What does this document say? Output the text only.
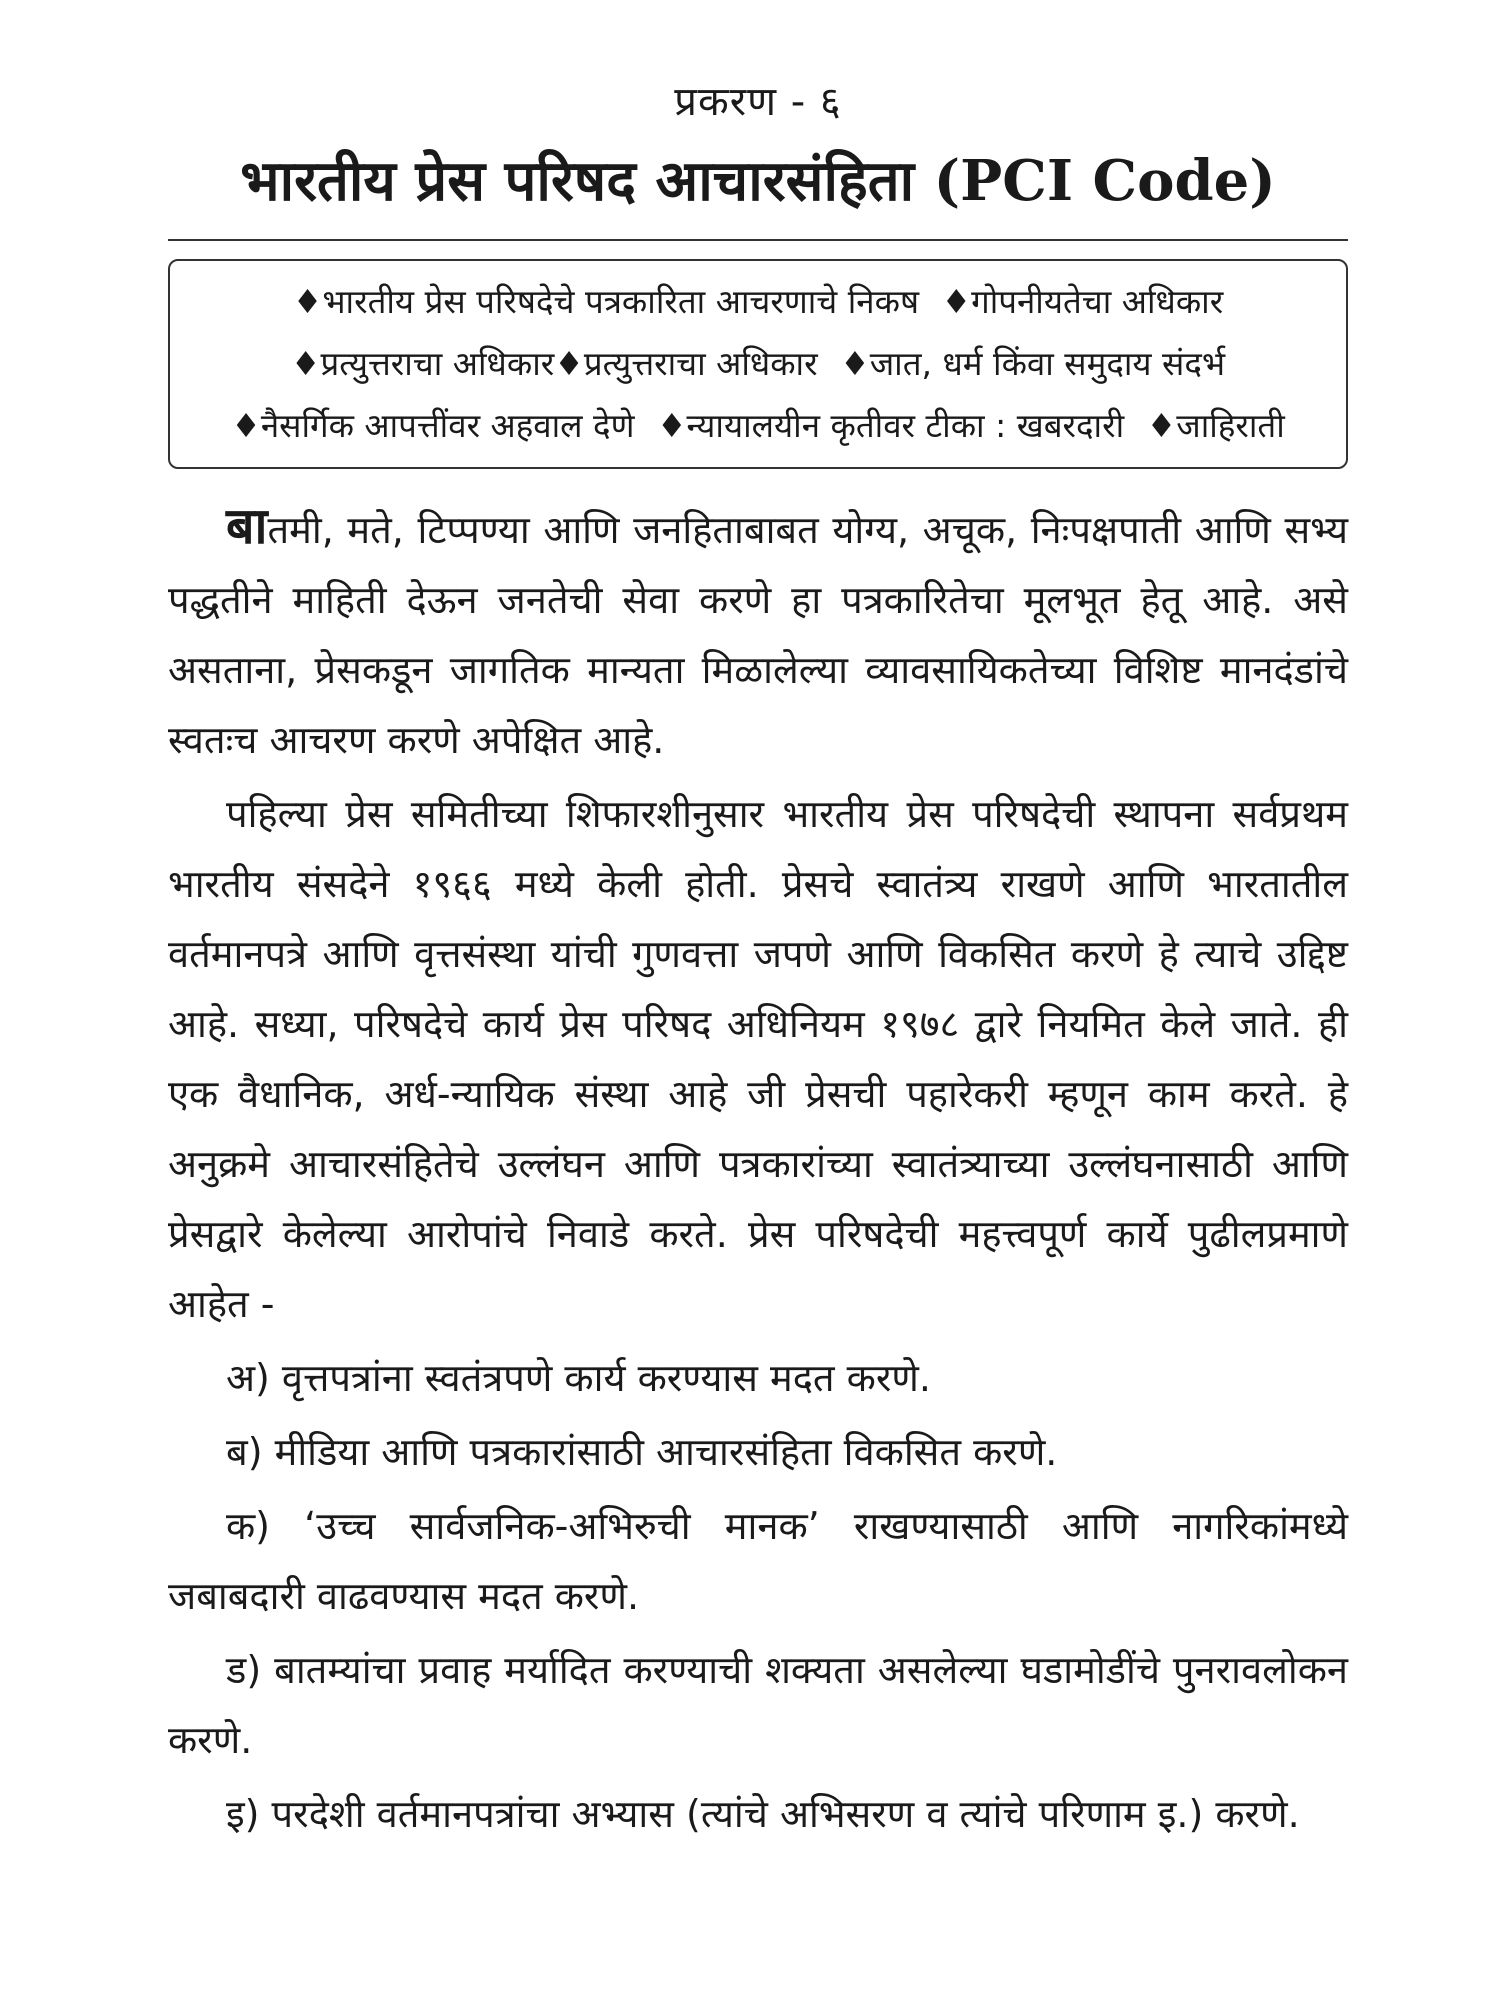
प्रकरण - ६
भारतीय प्रेस परिषद आचारसंहिता (PCI Code)
♦भारतीय प्रेस परिषदेचे पत्रकारिता आचरणाचे निकष ♦गोपनीयतेचा अधिकार
♦प्रत्युत्तराचा अधिकार♦प्रत्युत्तराचा अधिकार ♦जात, धर्म किंवा समुदाय संदर्भ
♦नैसर्गिक आपत्तींवर अहवाल देणे ♦न्यायालयीन कृतीवर टीका : खबरदारी ♦जाहिराती

बातमी, मते, टिप्पण्या आणि जनहिताबाबत योग्य, अचूक, निःपक्षपाती आणि सभ्य पद्धतीने माहिती देऊन जनतेची सेवा करणे हा पत्रकारितेचा मूलभूत हेतू आहे. असे असताना, प्रेसकडून जागतिक मान्यता मिळालेल्या व्यावसायिकतेच्या विशिष्ट मानदंडांचे स्वतःच आचरण करणे अपेक्षित आहे.

पहिल्या प्रेस समितीच्या शिफारशीनुसार भारतीय प्रेस परिषदेची स्थापना सर्वप्रथम भारतीय संसदेने १९६६ मध्ये केली होती. प्रेसचे स्वातंत्र्य राखणे आणि भारतातील वर्तमानपत्रे आणि वृत्तसंस्था यांची गुणवत्ता जपणे आणि विकसित करणे हे त्याचे उद्दिष्ट आहे. सध्या, परिषदेचे कार्य प्रेस परिषद अधिनियम १९७८ द्वारे नियमित केले जाते. ही एक वैधानिक, अर्ध-न्यायिक संस्था आहे जी प्रेसची पहारेकरी म्हणून काम करते. हे अनुक्रमे आचारसंहितेचे उल्लंघन आणि पत्रकारांच्या स्वातंत्र्याच्या उल्लंघनासाठी आणि प्रेसद्वारे केलेल्या आरोपांचे निवाडे करते. प्रेस परिषदेची महत्त्वपूर्ण कार्ये पुढीलप्रमाणे आहेत -

अ) वृत्तपत्रांना स्वतंत्रपणे कार्य करण्यास मदत करणे.

ब) मीडिया आणि पत्रकारांसाठी आचारसंहिता विकसित करणे.

क) ‘उच्च सार्वजनिक-अभिरुची मानक’ राखण्यासाठी आणि नागरिकांमध्ये जबाबदारी वाढवण्यास मदत करणे.

ड) बातम्यांचा प्रवाह मर्यादित करण्याची शक्यता असलेल्या घडामोडींचे पुनरावलोकन करणे.

इ) परदेशी वर्तमानपत्रांचा अभ्यास (त्यांचे अभिसरण व त्यांचे परिणाम इ.) करणे.
